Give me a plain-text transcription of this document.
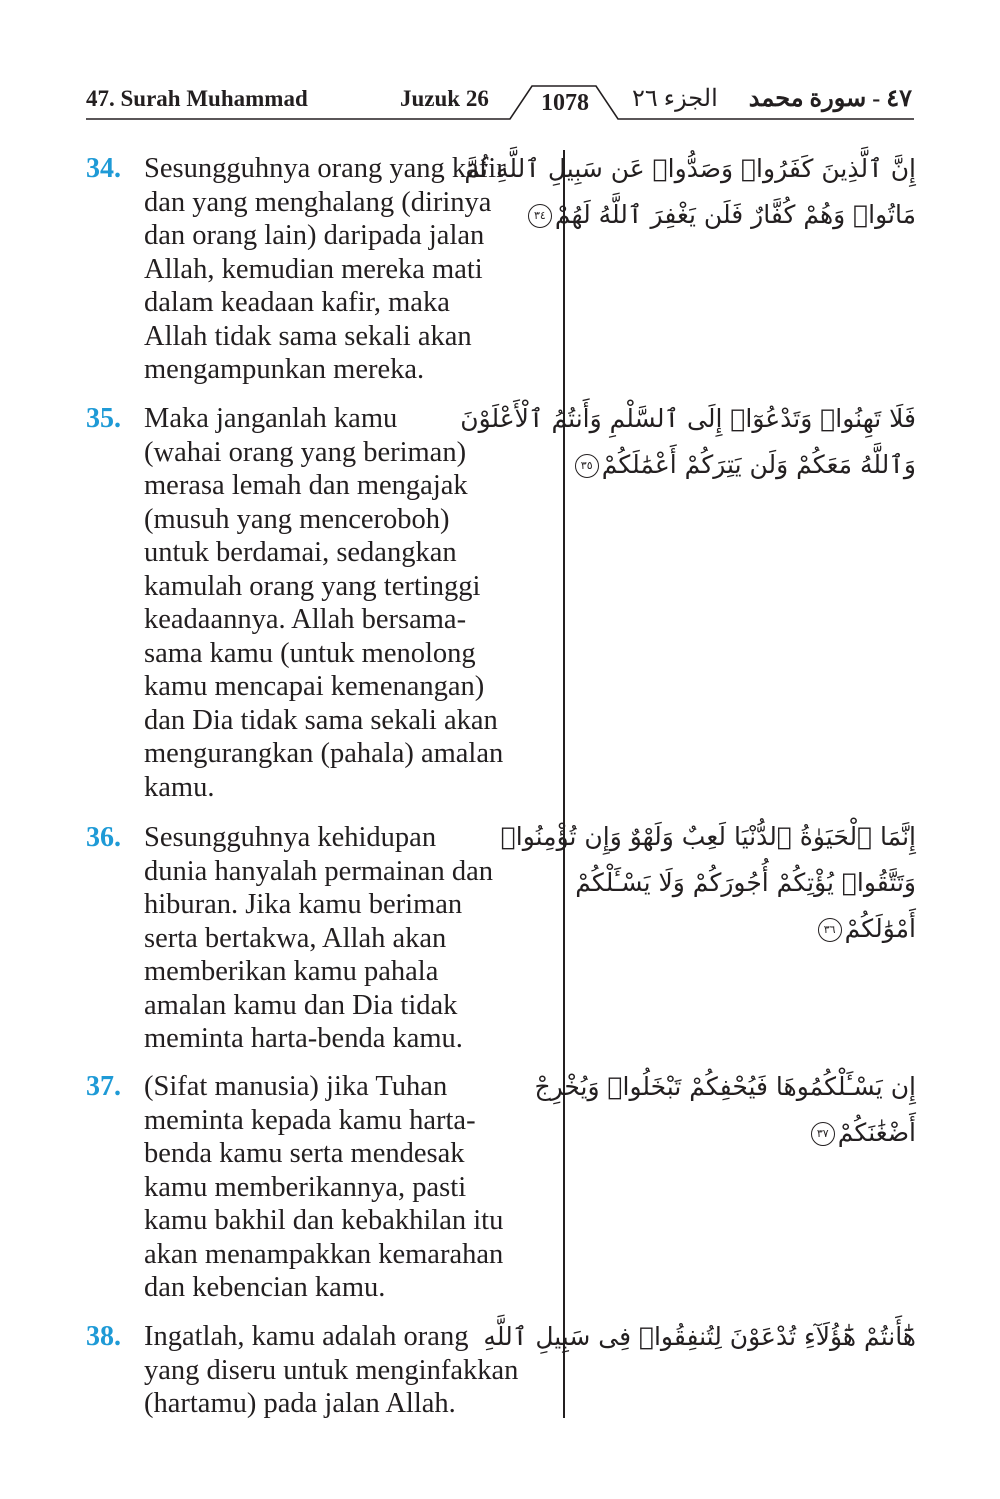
47. Surah Muhammad	Juzuk 26	1078	الجزء ٢٦ ٤٧ - سورة محمد
34. Sesungguhnya orang yang kafir
dan yang menghalang (dirinya
dan orang lain) daripada jalan
Allah, kemudian mereka mati
dalam keadaan kafir, maka
Allah tidak sama sekali akan
mengampunkan mereka.
إِنَّ ٱلَّذِينَ كَفَرُوا۟ وَصَدُّوا۟ عَن سَبِيلِ ٱللَّهِ ثُمَّ
مَاتُوا۟ وَهُمْ كُفَّارٌ فَلَن يَغْفِرَ ٱللَّهُ لَهُمْ٣٤
35. Maka janganlah kamu
(wahai orang yang beriman)
merasa lemah dan mengajak
(musuh yang menceroboh)
untuk berdamai, sedangkan
kamulah orang yang tertinggi
keadaannya. Allah bersama-
sama kamu (untuk menolong
kamu mencapai kemenangan)
dan Dia tidak sama sekali akan
mengurangkan (pahala) amalan
kamu.
فَلَا تَهِنُوا۟ وَتَدْعُوٓا۟ إِلَى ٱلسَّلْمِ وَأَنتُمُ ٱلْأَعْلَوْنَ
وَٱللَّهُ مَعَكُمْ وَلَن يَتِرَكُمْ أَعْمَٰلَكُمْ٣٥
36. Sesungguhnya kehidupan
dunia hanyalah permainan dan
hiburan. Jika kamu beriman
serta bertakwa, Allah akan
memberikan kamu pahala
amalan kamu dan Dia tidak
meminta harta-benda kamu.
إِنَّمَا ٱلْحَيَوٰةُ ٱلدُّنْيَا لَعِبٌ وَلَهْوٌ وَإِن تُؤْمِنُوا۟
وَتَتَّقُوا۟ يُؤْتِكُمْ أُجُورَكُمْ وَلَا يَسْـَٔلْكُمْ
أَمْوَٰلَكُمْ٣٦
37. (Sifat manusia) jika Tuhan
meminta kepada kamu harta-
benda kamu serta mendesak
kamu memberikannya, pasti
kamu bakhil dan kebakhilan itu
akan menampakkan kemarahan
dan kebencian kamu.
إِن يَسْـَٔلْكُمُوهَا فَيُحْفِكُمْ تَبْخَلُوا۟ وَيُخْرِجْ
أَضْغَٰنَكُمْ٣٧
38. Ingatlah, kamu adalah orang
yang diseru untuk menginfakkan
(hartamu) pada jalan Allah.
هَٰٓأَنتُمْ هَٰٓؤُلَآءِ تُدْعَوْنَ لِتُنفِقُوا۟ فِى سَبِيلِ ٱللَّهِ
